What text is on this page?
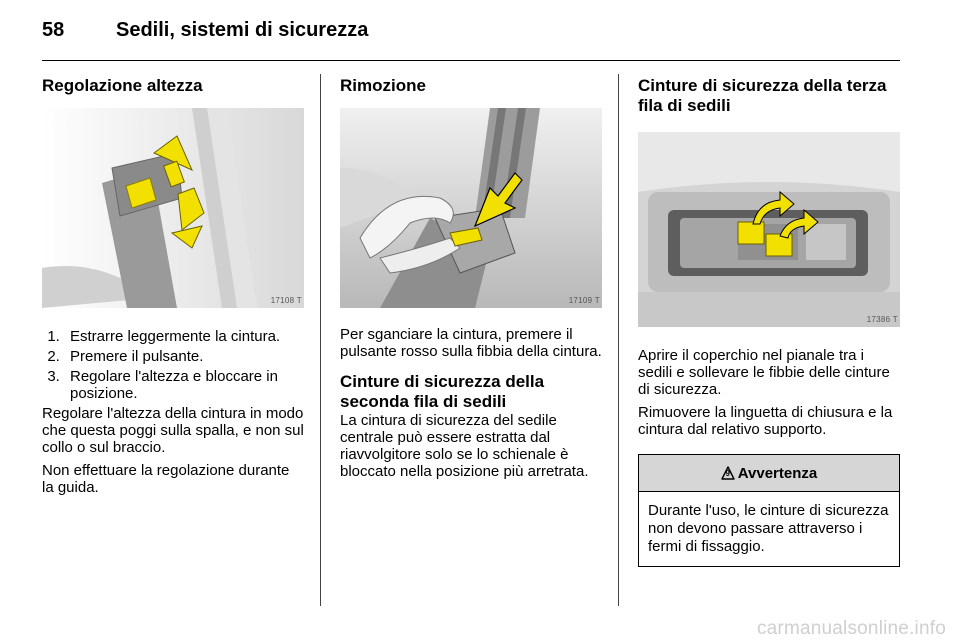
58	Sedili, sistemi di sicurezza
Regolazione altezza
17108 T
1. Estrarre leggermente la cintura.
2. Premere il pulsante.
3. Regolare l'altezza e bloccare in posizione.

Regolare l'altezza della cintura in modo che questa poggi sulla spalla, e non sul collo o sul braccio.

Non effettuare la regolazione durante la guida.

Rimozione
17109 T

Per sganciare la cintura, premere il pulsante rosso sulla fibbia della cintura.

Cinture di sicurezza della seconda fila di sedili

La cintura di sicurezza del sedile centrale può essere estratta dal riavvolgitore solo se lo schienale è bloccato nella posizione più arretrata.

Cinture di sicurezza della terza fila di sedili
17386 T

Aprire il coperchio nel pianale tra i sedili e sollevare le fibbie delle cinture di sicurezza.

Rimuovere la linguetta di chiusura e la cintura dal relativo supporto.

9 Avvertenza
Durante l'uso, le cinture di sicurezza non devono passare attraverso i fermi di fissaggio.
carmanualsonline.info
